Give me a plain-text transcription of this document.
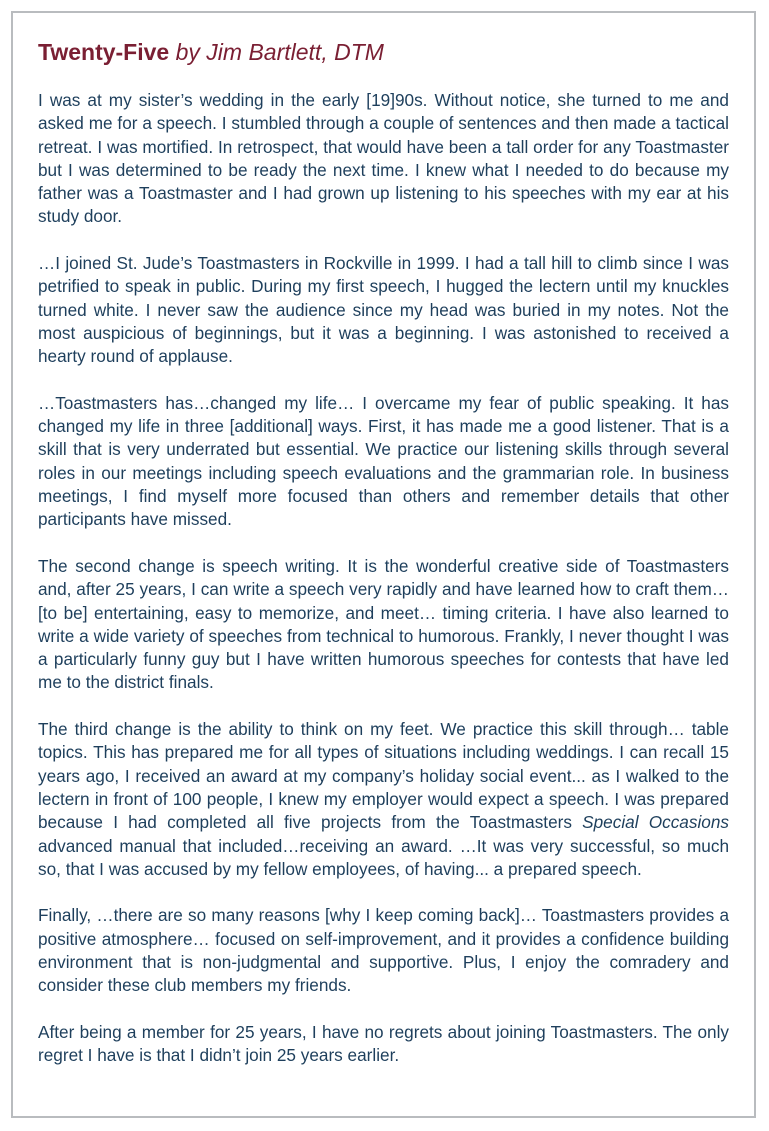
Twenty-Five by Jim Bartlett, DTM

I was at my sister’s wedding in the early [19]90s. Without notice, she turned to me and asked me for a speech. I stumbled through a couple of sentences and then made a tactical retreat. I was mortified. In retrospect, that would have been a tall order for any Toastmaster but I was determined to be ready the next time. I knew what I needed to do because my father was a Toastmaster and I had grown up listening to his speeches with my ear at his study door.

…I joined St. Jude’s Toastmasters in Rockville in 1999. I had a tall hill to climb since I was petrified to speak in public. During my first speech, I hugged the lectern until my knuckles turned white. I never saw the audience since my head was buried in my notes. Not the most auspicious of beginnings, but it was a beginning. I was astonished to received a hearty round of applause.

…Toastmasters has…changed my life… I overcame my fear of public speaking. It has changed my life in three [additional] ways. First, it has made me a good listener. That is a skill that is very underrated but essential. We practice our listening skills through several roles in our meetings including speech evaluations and the grammarian role. In business meetings, I find myself more focused than others and remember details that other participants have missed.

The second change is speech writing. It is the wonderful creative side of Toastmasters and, after 25 years, I can write a speech very rapidly and have learned how to craft them… [to be] entertaining, easy to memorize, and meet… timing criteria. I have also learned to write a wide variety of speeches from technical to humorous. Frankly, I never thought I was a particularly funny guy but I have written humorous speeches for contests that have led me to the district finals.

The third change is the ability to think on my feet. We practice this skill through… table topics. This has prepared me for all types of situations including weddings. I can recall 15 years ago, I received an award at my company’s holiday social event... as I walked to the lectern in front of 100 people, I knew my employer would expect a speech. I was prepared because I had completed all five projects from the Toastmasters Special Occasions advanced manual that included…receiving an award. …It was very successful, so much so, that I was accused by my fellow employees, of having... a prepared speech.

Finally, …there are so many reasons [why I keep coming back]… Toastmasters provides a positive atmosphere… focused on self-improvement, and it provides a confidence building environment that is non-judgmental and supportive. Plus, I enjoy the comradery and consider these club members my friends.

After being a member for 25 years, I have no regrets about joining Toastmasters. The only regret I have is that I didn’t join 25 years earlier.
